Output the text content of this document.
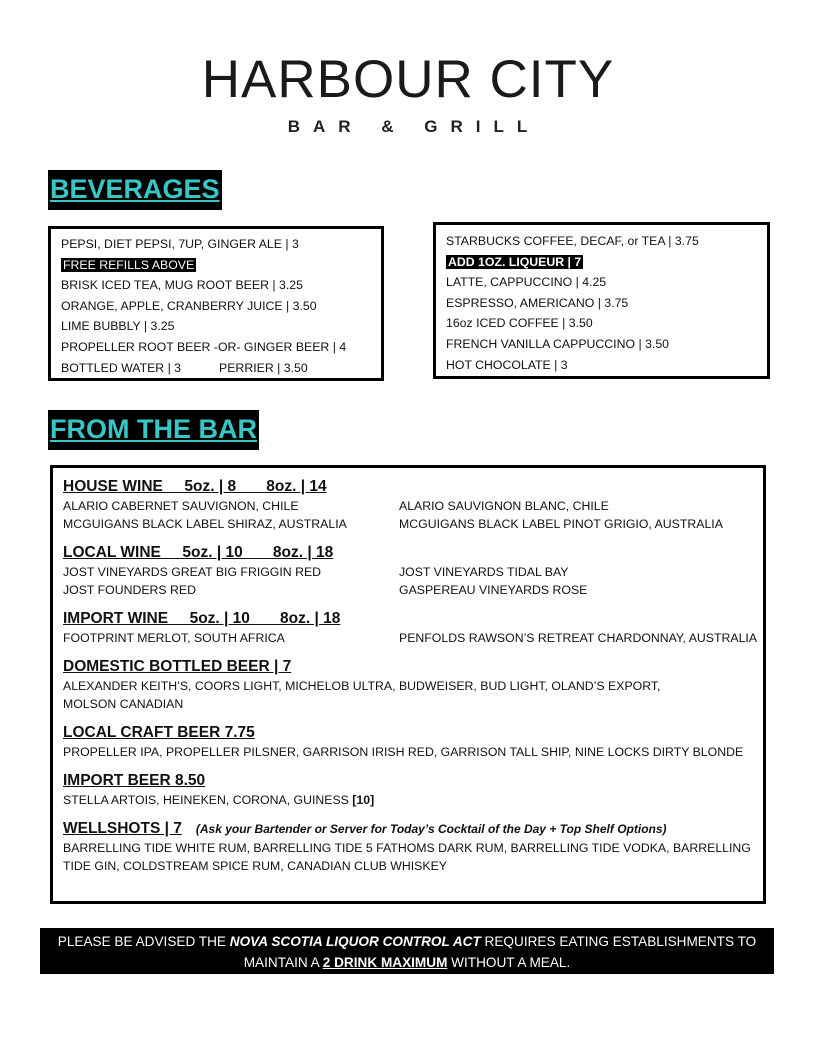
HARBOUR CITY
BAR & GRILL
BEVERAGES
PEPSI, DIET PEPSI, 7UP, GINGER ALE | 3
FREE REFILLS ABOVE
BRISK ICED TEA, MUG ROOT BEER | 3.25
ORANGE, APPLE, CRANBERRY JUICE | 3.50
LIME BUBBLY | 3.25
PROPELLER ROOT BEER -OR- GINGER BEER | 4
BOTTLED WATER | 3	PERRIER | 3.50
STARBUCKS COFFEE, DECAF, or TEA | 3.75
ADD 1OZ. LIQUEUR | 7
LATTE, CAPPUCCINO | 4.25
ESPRESSO, AMERICANO | 3.75
16oz ICED COFFEE | 3.50
FRENCH VANILLA CAPPUCCINO | 3.50
HOT CHOCOLATE | 3
FROM THE BAR
HOUSE WINE     5oz. | 8       8oz. | 14
ALARIO CABERNET SAUVIGNON, CHILE	ALARIO SAUVIGNON BLANC, CHILE
MCGUIGANS BLACK LABEL SHIRAZ, AUSTRALIA	MCGUIGANS BLACK LABEL PINOT GRIGIO, AUSTRALIA
LOCAL WINE     5oz. | 10       8oz. | 18
JOST VINEYARDS GREAT BIG FRIGGIN RED	JOST VINEYARDS TIDAL BAY
JOST FOUNDERS RED	GASPEREAU VINEYARDS ROSE
IMPORT WINE     5oz. | 10       8oz. | 18
FOOTPRINT MERLOT, SOUTH AFRICA	PENFOLDS RAWSON’S RETREAT CHARDONNAY, AUSTRALIA
DOMESTIC BOTTLED BEER | 7
ALEXANDER KEITH’S, COORS LIGHT, MICHELOB ULTRA, BUDWEISER, BUD LIGHT, OLAND’S EXPORT, MOLSON CANADIAN
LOCAL CRAFT BEER 7.75
PROPELLER IPA, PROPELLER PILSNER, GARRISON IRISH RED, GARRISON TALL SHIP, NINE LOCKS DIRTY BLONDE
IMPORT BEER 8.50
STELLA ARTOIS, HEINEKEN, CORONA, GUINESS [10]
WELLSHOTS | 7 (Ask your Bartender or Server for Today’s Cocktail of the Day + Top Shelf Options)
BARRELLING TIDE WHITE RUM, BARRELLING TIDE 5 FATHOMS DARK RUM, BARRELLING TIDE VODKA, BARRELLING TIDE GIN, COLDSTREAM SPICE RUM, CANADIAN CLUB WHISKEY
PLEASE BE ADVISED THE NOVA SCOTIA LIQUOR CONTROL ACT REQUIRES EATING ESTABLISHMENTS TO MAINTAIN A 2 DRINK MAXIMUM WITHOUT A MEAL.
